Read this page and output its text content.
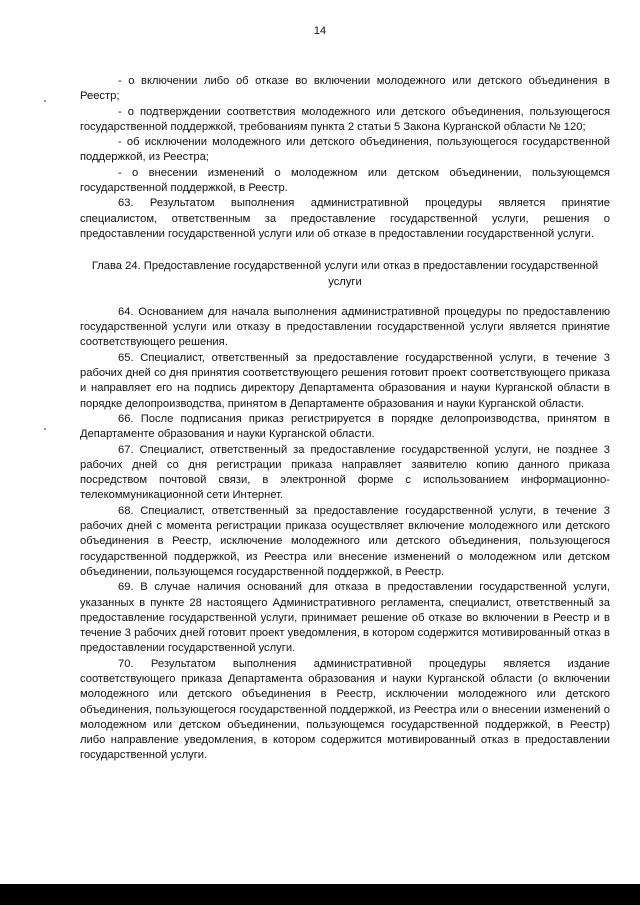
14

- о включении либо об отказе во включении молодежного или детского объединения в Реестр;

- о подтверждении соответствия молодежного или детского объединения, пользующегося государственной поддержкой, требованиям пункта 2 статьи 5 Закона Курганской области № 120;

- об исключении молодежного или детского объединения, пользующегося государственной поддержкой, из Реестра;

- о внесении изменений о молодежном или детском объединении, пользующемся государственной поддержкой, в Реестр.

63. Результатом выполнения административной процедуры является принятие специалистом, ответственным за предоставление государственной услуги, решения о предоставлении государственной услуги или об отказе в предоставлении государственной услуги.

Глава 24. Предоставление государственной услуги или отказ в предоставлении государственной услуги

64. Основанием для начала выполнения административной процедуры по предоставлению государственной услуги или отказу в предоставлении государственной услуги является принятие соответствующего решения.

65. Специалист, ответственный за предоставление государственной услуги, в течение 3 рабочих дней со дня принятия соответствующего решения готовит проект соответствующего приказа и направляет его на подпись директору Департамента образования и науки Курганской области в порядке делопроизводства, принятом в Департаменте образования и науки Курганской области.

66. После подписания приказ регистрируется в порядке делопроизводства, принятом в Департаменте образования и науки Курганской области.

67. Специалист, ответственный за предоставление государственной услуги, не позднее 3 рабочих дней со дня регистрации приказа направляет заявителю копию данного приказа посредством почтовой связи, в электронной форме с использованием информационно-телекоммуникационной сети Интернет.

68. Специалист, ответственный за предоставление государственной услуги, в течение 3 рабочих дней с момента регистрации приказа осуществляет включение молодежного или детского объединения в Реестр, исключение молодежного или детского объединения, пользующегося государственной поддержкой, из Реестра или внесение изменений о молодежном или детском объединении, пользующемся государственной поддержкой, в Реестр.

69. В случае наличия оснований для отказа в предоставлении государственной услуги, указанных в пункте 28 настоящего Административного регламента, специалист, ответственный за предоставление государственной услуги, принимает решение об отказе во включении в Реестр и в течение 3 рабочих дней готовит проект уведомления, в котором содержится мотивированный отказ в предоставлении государственной услуги.

70. Результатом выполнения административной процедуры является издание соответствующего приказа Департамента образования и науки Курганской области (о включении молодежного или детского объединения в Реестр, исключении молодежного или детского объединения, пользующегося государственной поддержкой, из Реестра или о внесении изменений о молодежном или детском объединении, пользующемся государственной поддержкой, в Реестр) либо направление уведомления, в котором содержится мотивированный отказ в предоставлении государственной услуги.
